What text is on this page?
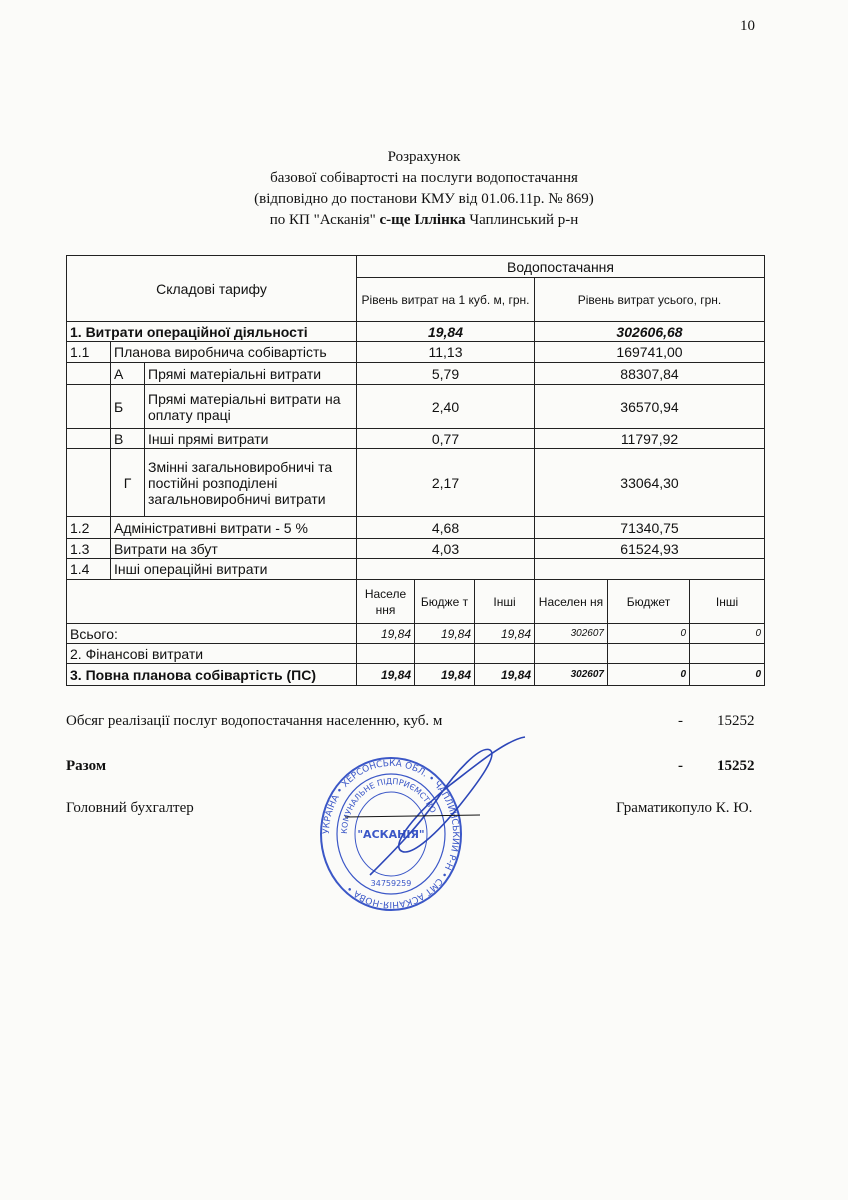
10
Розрахунок
базової собівартості на послуги водопостачання
(відповідно до постанови КМУ від 01.06.11р. № 869)
по КП "Асканія" с-ще Іллінка Чаплинський р-н
Складові тарифу			Водопостачання					
			Рівень витрат на 1 куб. м, грн.			Рівень витрат усього, грн.		
1. Витрати операційної діяльності			19,84			302606,68		
1.1	Планова виробнича собівартість		11,13			169741,00		
	А	Прямі матеріальні витрати	5,79			88307,84		
	Б	Прямі матеріальні витрати на оплату праці	2,40			36570,94		
	В	Інші прямі витрати	0,77			11797,92		
	Г	Змінні загальновиробничі та постійні розподілені загальновиробничі витрати	2,17			33064,30		
1.2	Адміністративні витрати - 5 %		4,68			71340,75		
1.3	Витрати на збут		4,03			61524,93		
1.4	Інші операційні витрати							
			Населе ння	Бюдже т	Інші	Населен ня	Бюджет	Інші
Всього:			19,84	19,84	19,84	302607	0	0
2. Фінансові витрати								
3. Повна планова собівартість (ПС)			19,84	19,84	19,84	302607	0	0
Обсяг реалізації послуг водопостачання населенню, куб. м	- 15252
Разом	- 15252
Головний бухгалтер	Граматикопуло К. Ю.
УКРАЇНА • ХЕРСОНСЬКА ОБЛ. • ЧАПЛИНСЬКИЙ Р-Н • СМТ АСКАНІЯ-НОВА •
КОМУНАЛЬНЕ ПІДПРИЄМСТВО
"АСКАНІЯ"
34759259
